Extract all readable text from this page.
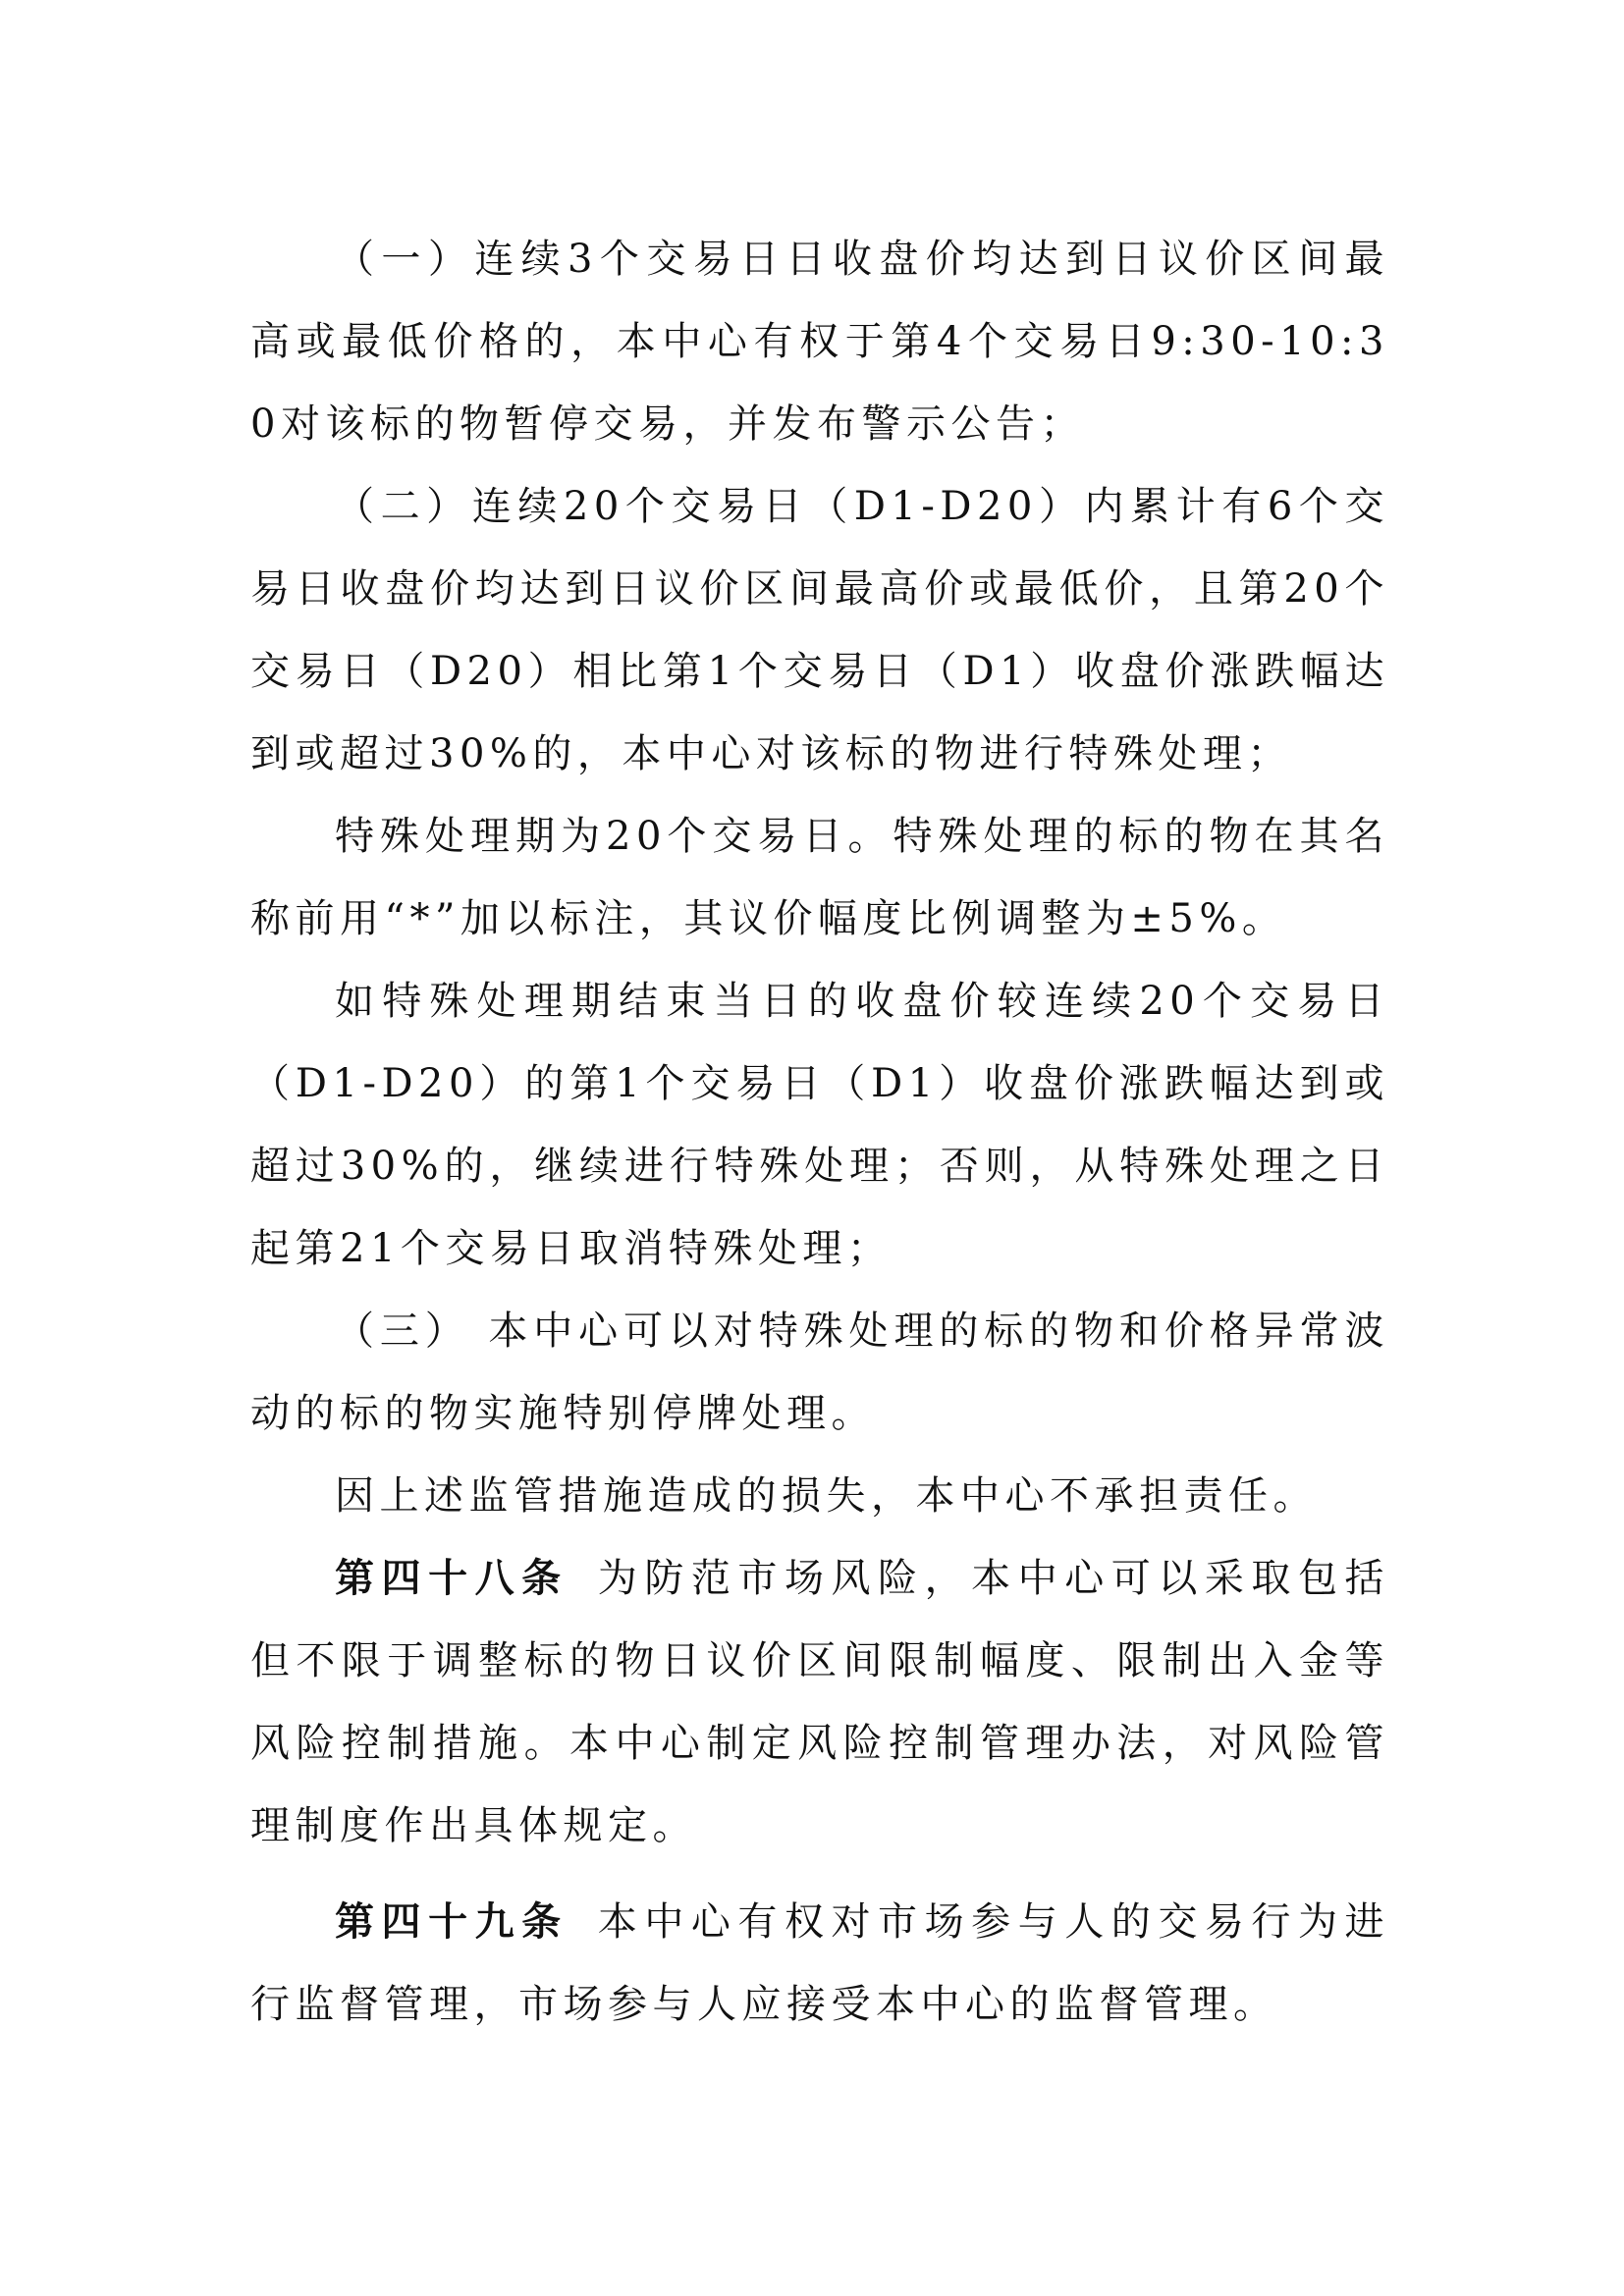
（一）连续3个交易日日收盘价均达到日议价区间最高或最低价格的，本中心有权于第4个交易日9:30-10:30对该标的物暂停交易，并发布警示公告；

（二）连续20个交易日（D1-D20）内累计有6个交易日收盘价均达到日议价区间最高价或最低价，且第20个交易日（D20）相比第1个交易日（D1）收盘价涨跌幅达到或超过30%的，本中心对该标的物进行特殊处理；

特殊处理期为20个交易日。特殊处理的标的物在其名称前用“*”加以标注，其议价幅度比例调整为±5%。

如特殊处理期结束当日的收盘价较连续20个交易日（D1-D20）的第1个交易日（D1）收盘价涨跌幅达到或超过30%的，继续进行特殊处理；否则，从特殊处理之日起第21个交易日取消特殊处理；

（三） 本中心可以对特殊处理的标的物和价格异常波动的标的物实施特别停牌处理。

因上述监管措施造成的损失，本中心不承担责任。

第四十八条 为防范市场风险，本中心可以采取包括但不限于调整标的物日议价区间限制幅度、限制出入金等风险控制措施。本中心制定风险控制管理办法，对风险管理制度作出具体规定。

第四十九条 本中心有权对市场参与人的交易行为进行监督管理，市场参与人应接受本中心的监督管理。
